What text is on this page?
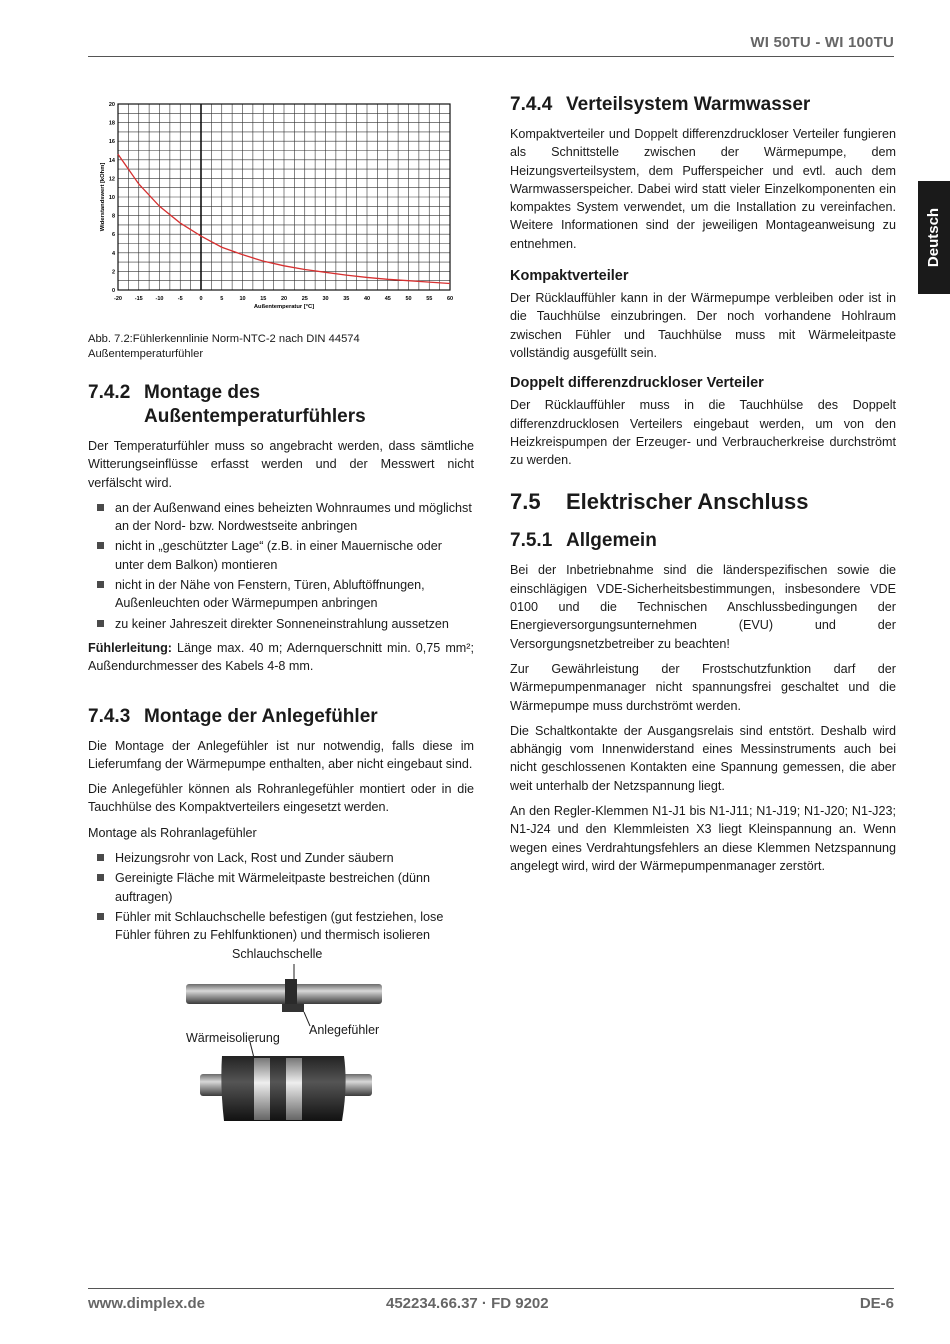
WI 50TU - WI 100TU
Deutsch
-20 -15 -10	-5	0	5	10	15	20	25	30	35	40	45	50	55	60
0
2
4
6
8
10
12
14
16
18
20
Außentemperatur [°C]
Widerstandswert [kOhm]

Abb. 7.2:Fühlerkennlinie Norm-NTC-2 nach DIN 44574

Außentemperaturfühler

7.4.2 Montage des
Außentemperaturfühlers

Der Temperaturfühler muss so angebracht werden, dass sämtliche Witterungseinflüsse erfasst werden und der Messwert nicht verfälscht wird.

an der Außenwand eines beheizten Wohnraumes und möglichst an der Nord- bzw. Nordwestseite anbringen
nicht in „geschützter Lage“ (z.B. in einer Mauernische oder unter dem Balkon) montieren
nicht in der Nähe von Fenstern, Türen, Abluftöffnungen, Außenleuchten oder Wärmepumpen anbringen
zu keiner Jahreszeit direkter Sonneneinstrahlung aussetzen

Fühlerleitung: Länge max. 40 m; Adernquerschnitt min. 0,75 mm²; Außendurchmesser des Kabels 4-8 mm.

7.4.3 Montage der Anlegefühler

Die Montage der Anlegefühler ist nur notwendig, falls diese im Lieferumfang der Wärmepumpe enthalten, aber nicht eingebaut sind.

Die Anlegefühler können als Rohranlegefühler montiert oder in die Tauchhülse des Kompaktverteilers eingesetzt werden.

Montage als Rohranlagefühler

Heizungsrohr von Lack, Rost und Zunder säubern
Gereinigte Fläche mit Wärmeleitpaste bestreichen (dünn auftragen)
Fühler mit Schlauchschelle befestigen (gut festziehen, lose Fühler führen zu Fehlfunktionen) und thermisch isolieren
Schlauchschelle
Anlegefühler
Wärmeisolierung
7.4.4 Verteilsystem Warmwasser

Kompaktverteiler und Doppelt differenzdruckloser Verteiler fungieren als Schnittstelle zwischen der Wärmepumpe, dem Heizungsverteilsystem, dem Pufferspeicher und evtl. auch dem Warmwasserspeicher. Dabei wird statt vieler Einzelkomponenten ein kompaktes System verwendet, um die Installation zu vereinfachen. Weitere Informationen sind der jeweiligen Montageanweisung zu entnehmen.

Kompaktverteiler

Der Rücklauffühler kann in der Wärmepumpe verbleiben oder ist in die Tauchhülse einzubringen. Der noch vorhandene Hohlraum zwischen Fühler und Tauchhülse muss mit Wärmeleitpaste vollständig ausgefüllt sein.

Doppelt differenzdruckloser Verteiler

Der Rücklauffühler muss in die Tauchhülse des Doppelt differenzdrucklosen Verteilers eingebaut werden, um von den Heizkreispumpen der Erzeuger- und Verbraucherkreise durchströmt zu werden.

7.5 Elektrischer Anschluss
7.5.1 Allgemein

Bei der Inbetriebnahme sind die länderspezifischen sowie die einschlägigen VDE-Sicherheitsbestimmungen, insbesondere VDE 0100 und die Technischen Anschlussbedingungen der Energieversorgungsunternehmen (EVU) und der Versorgungsnetzbetreiber zu beachten!

Zur Gewährleistung der Frostschutzfunktion darf der Wärmepumpenmanager nicht spannungsfrei geschaltet und die Wärmepumpe muss durchströmt werden.

Die Schaltkontakte der Ausgangsrelais sind entstört. Deshalb wird abhängig vom Innenwiderstand eines Messinstruments auch bei nicht geschlossenen Kontakten eine Spannung gemessen, die aber weit unterhalb der Netzspannung liegt.

An den Regler-Klemmen N1-J1 bis N1-J11; N1-J19; N1-J20; N1-J23; N1-J24 und den Klemmleisten X3 liegt Kleinspannung an. Wenn wegen eines Verdrahtungsfehlers an diese Klemmen Netzspannung angelegt wird, wird der Wärmepumpenmanager zerstört.

www.dimplex.de	452234.66.37 · FD 9202	DE-6
